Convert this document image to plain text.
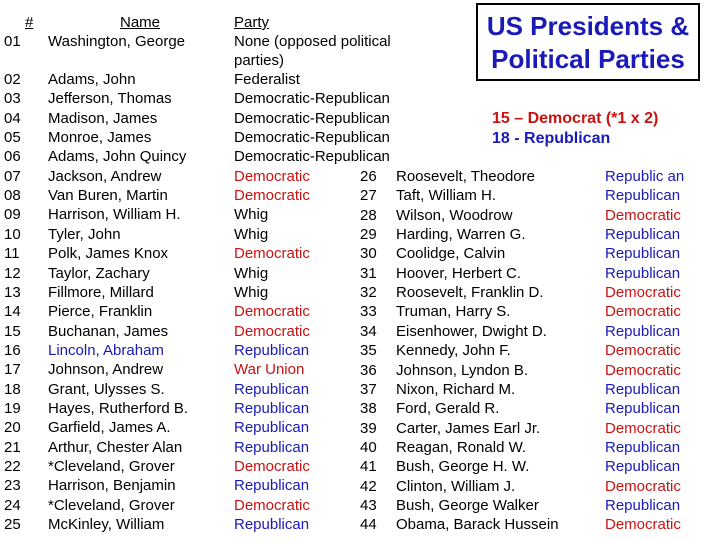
US Presidents &
Political Parties
15 – Democrat (*1 x 2)
18 - Republican
#	Name	Party
01 Washington, George	None (opposed political
parties)
02 Adams, John	Federalist
03 Jefferson, Thomas	Democratic-Republican
04 Madison, James	Democratic-Republican
05 Monroe, James	Democratic-Republican
06 Adams, John Quincy	Democratic-Republican
07 Jackson, Andrew	Democratic
08 Van Buren, Martin	Democratic
09 Harrison, William H.	Whig
10 Tyler, John	Whig
11 Polk, James Knox	Democratic
12 Taylor, Zachary	Whig
13 Fillmore, Millard	Whig
14 Pierce, Franklin	Democratic
15 Buchanan, James	Democratic
16 Lincoln, Abraham	Republican
17 Johnson, Andrew	War Union
18 Grant, Ulysses S.	Republican
19 Hayes, Rutherford B.	Republican
20 Garfield, James A.	Republican
21 Arthur, Chester Alan	Republican
22 *Cleveland, Grover	Democratic
23 Harrison, Benjamin	Republican
24 *Cleveland, Grover	Democratic
25 McKinley, William	Republican
26 Roosevelt, Theodore	Republic an
27 Taft, William H.	Republican
28 Wilson, Woodrow	Democratic
29 Harding, Warren G.	Republican
30 Coolidge, Calvin	Republican
31 Hoover, Herbert C.	Republican
32 Roosevelt, Franklin D.	Democratic
33 Truman, Harry S.	Democratic
34 Eisenhower, Dwight D.	Republican
35 Kennedy, John F.	Democratic
36 Johnson, Lyndon B.	Democratic
37 Nixon, Richard M.	Republican
38 Ford, Gerald R.	Republican
39 Carter, James Earl Jr.	Democratic
40 Reagan, Ronald W.	Republican
41 Bush, George H. W.	Republican
42 Clinton, William J.	Democratic
43 Bush, George Walker	Republican
44 Obama, Barack Hussein	Democratic
